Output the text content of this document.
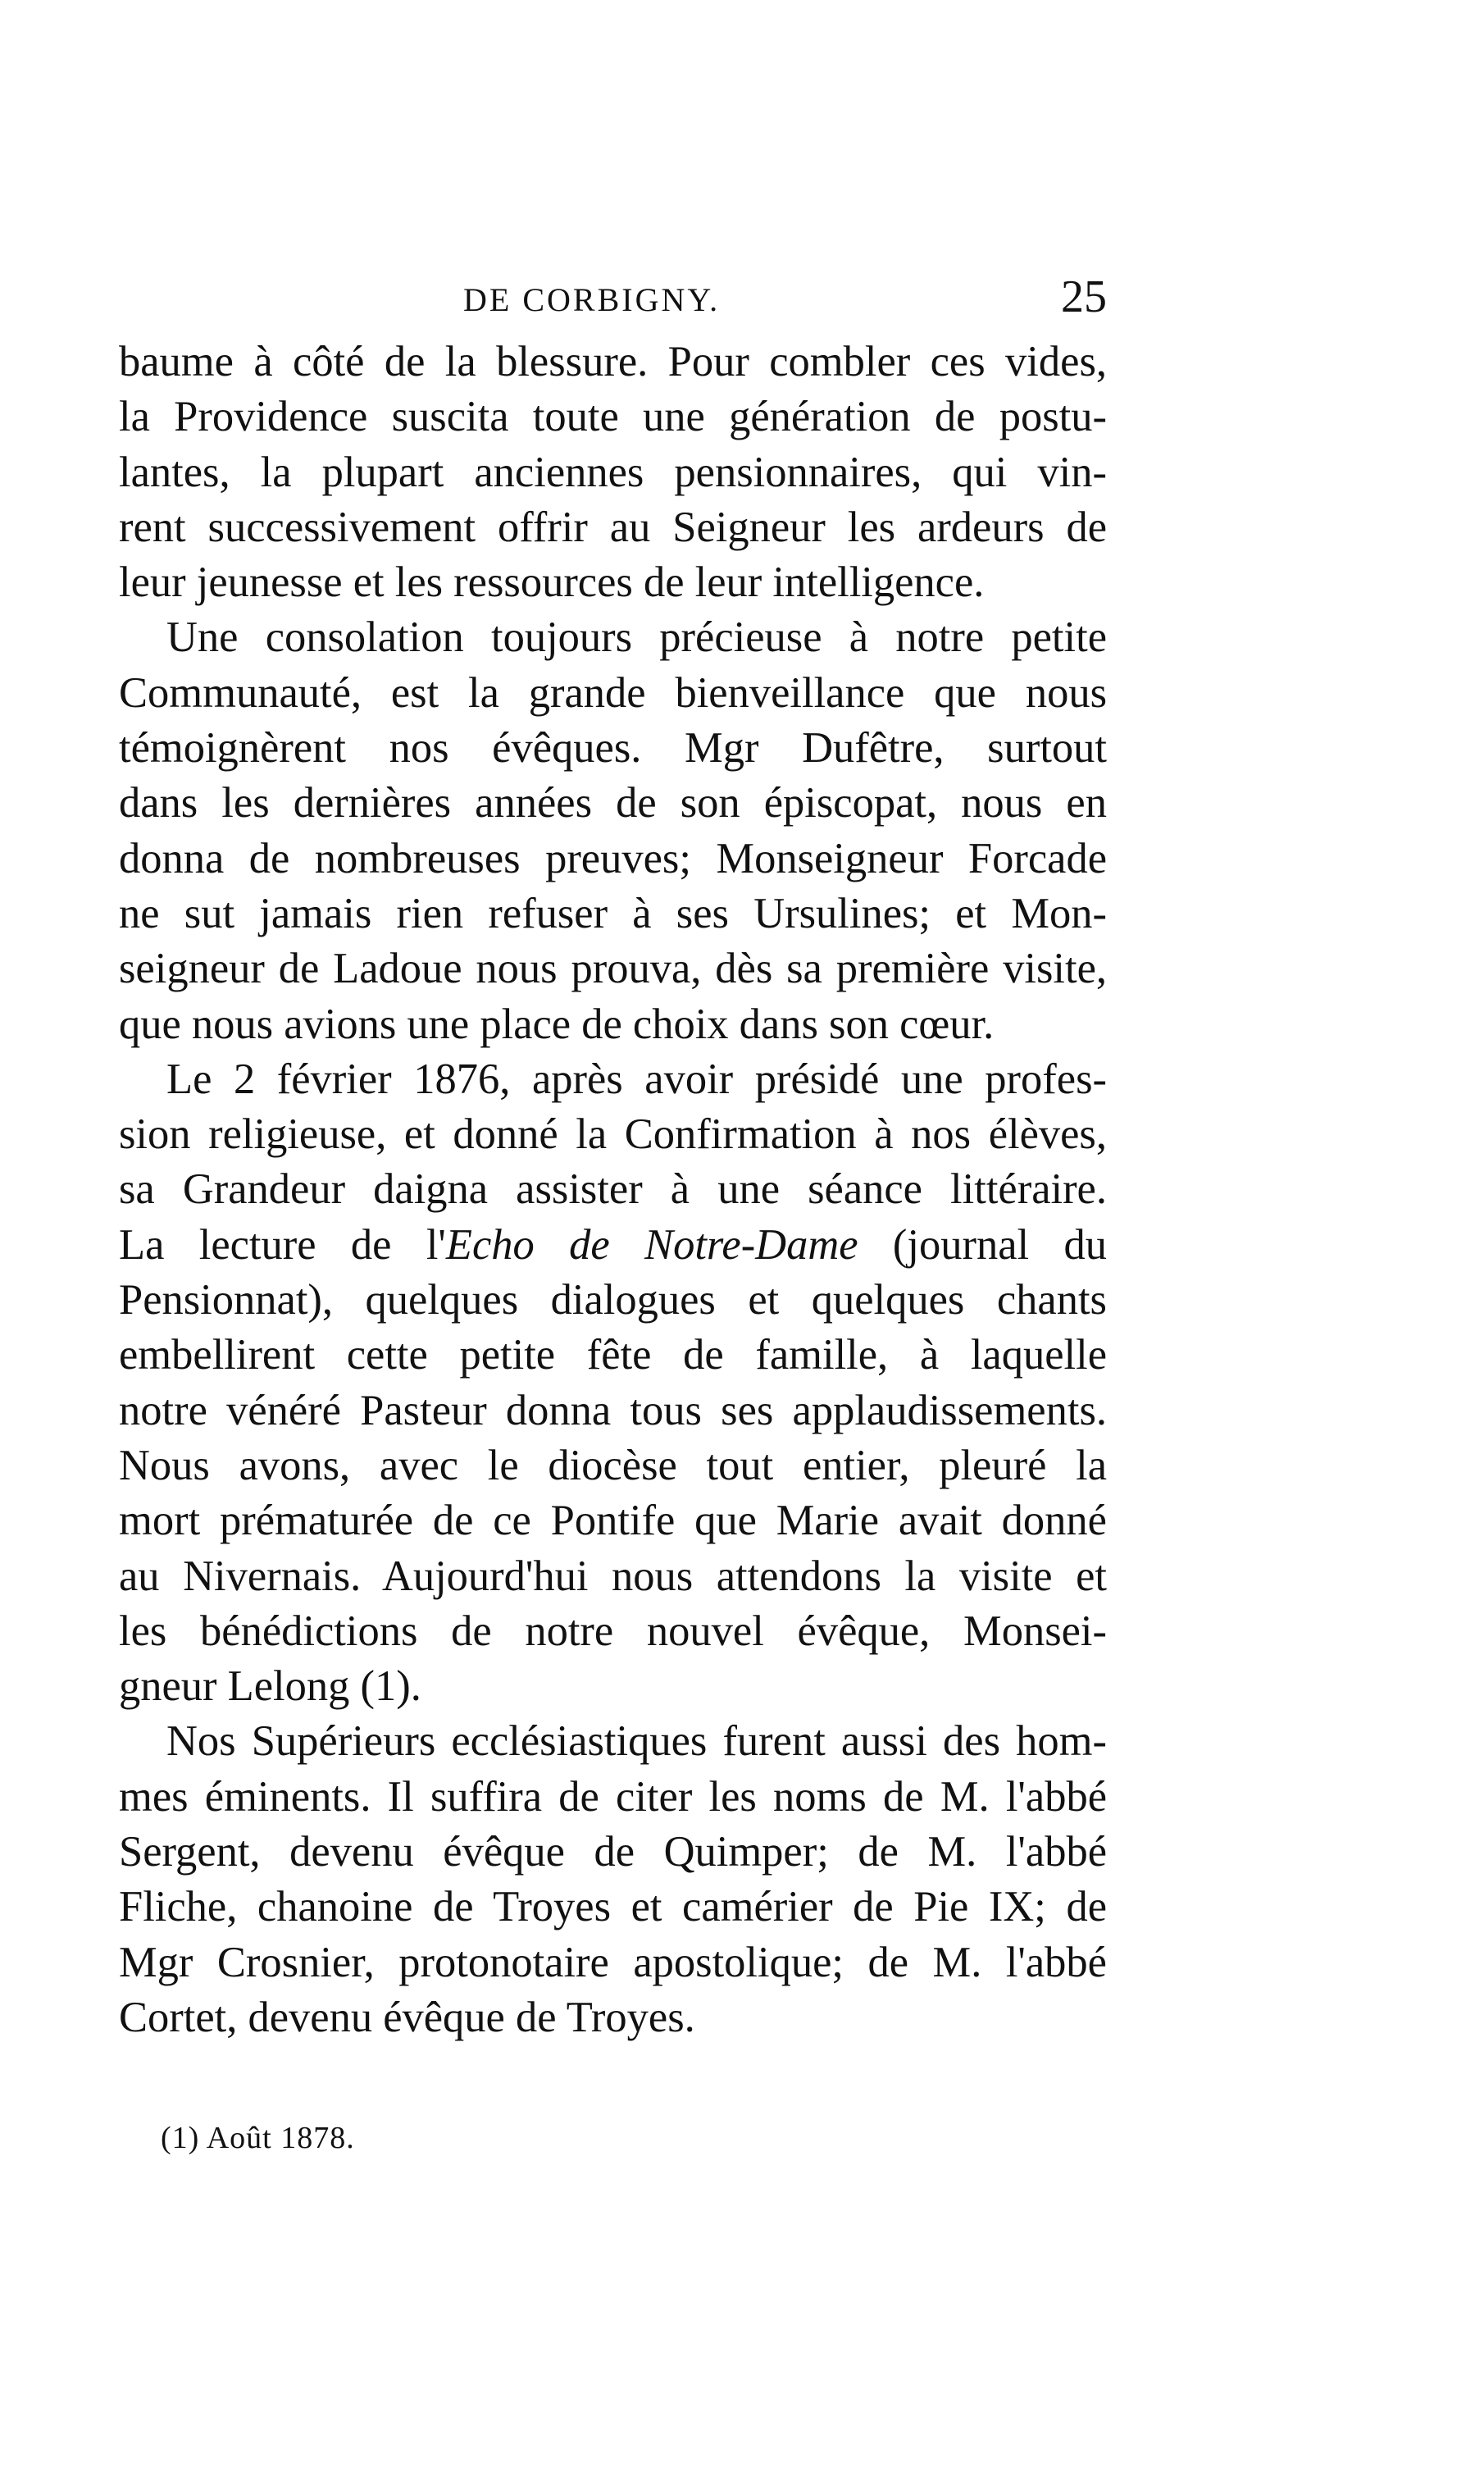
DE CORBIGNY.	25
baume à côté de la blessure. Pour combler ces vides,
la Providence suscita toute une génération de postu-
lantes, la plupart anciennes pensionnaires, qui vin-
rent successivement offrir au Seigneur les ardeurs de
leur jeunesse et les ressources de leur intelligence.
Une consolation toujours précieuse à notre petite
Communauté, est la grande bienveillance que nous
témoignèrent nos évêques. Mgr Dufêtre, surtout
dans les dernières années de son épiscopat, nous en
donna de nombreuses preuves; Monseigneur Forcade
ne sut jamais rien refuser à ses Ursulines; et Mon-
seigneur de Ladoue nous prouva, dès sa première visite,
que nous avions une place de choix dans son cœur.
Le 2 février 1876, après avoir présidé une profes-
sion religieuse, et donné la Confirmation à nos élèves,
sa Grandeur daigna assister à une séance littéraire.
La lecture de l'Echo de Notre-Dame (journal du
Pensionnat), quelques dialogues et quelques chants
embellirent cette petite fête de famille, à laquelle
notre vénéré Pasteur donna tous ses applaudissements.
Nous avons, avec le diocèse tout entier, pleuré la
mort prématurée de ce Pontife que Marie avait donné
au Nivernais. Aujourd'hui nous attendons la visite et
les bénédictions de notre nouvel évêque, Monsei-
gneur Lelong (1).
Nos Supérieurs ecclésiastiques furent aussi des hom-
mes éminents. Il suffira de citer les noms de M. l'abbé
Sergent, devenu évêque de Quimper; de M. l'abbé
Fliche, chanoine de Troyes et camérier de Pie IX; de
Mgr Crosnier, protonotaire apostolique; de M. l'abbé
Cortet, devenu évêque de Troyes.
(1) Août 1878.
